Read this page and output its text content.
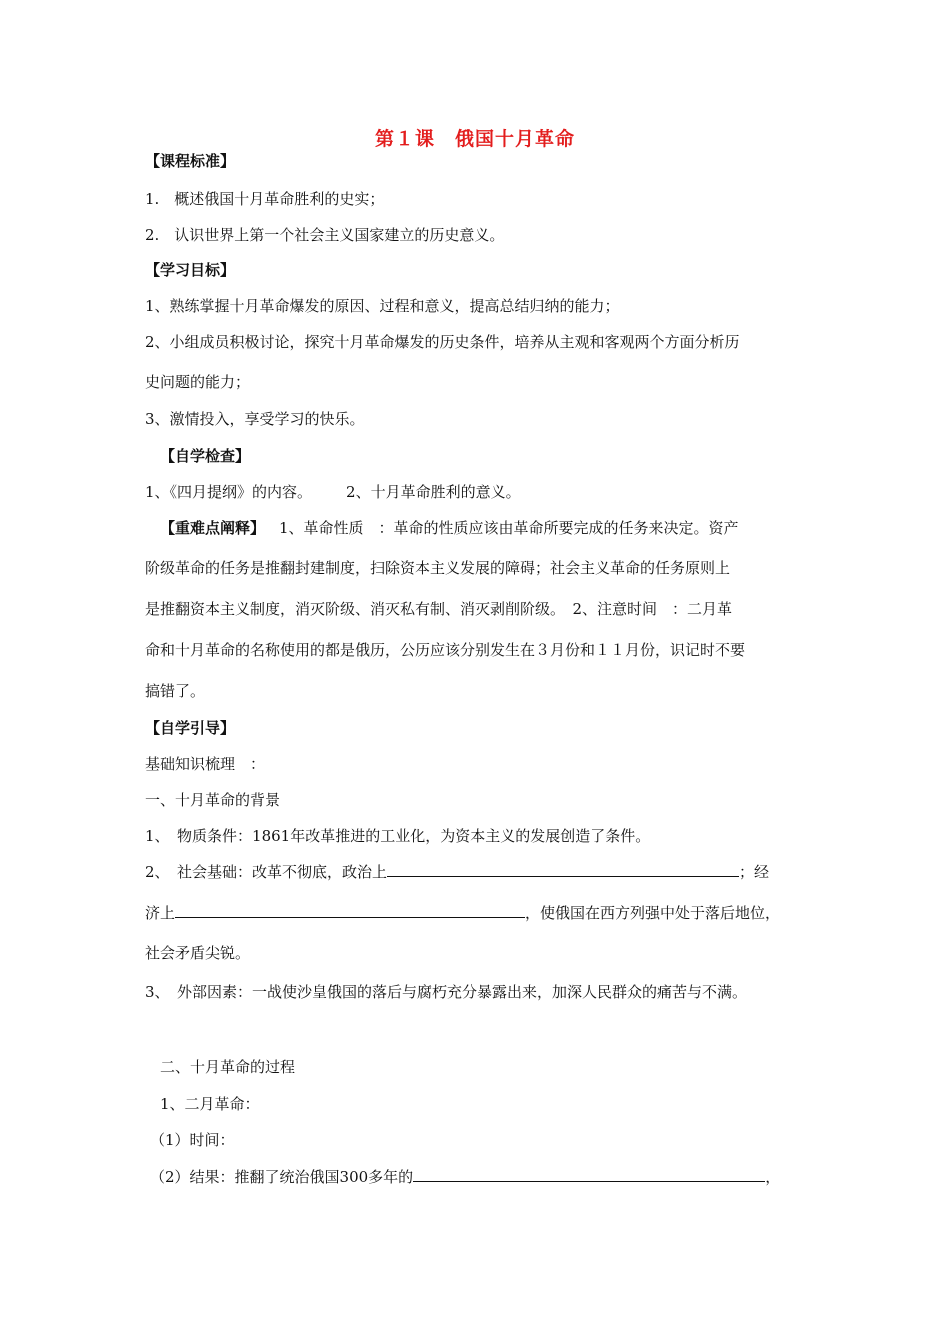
第１课　俄国十月革命
【课程标准】
1.　概述俄国十月革命胜利的史实；
2.　认识世界上第一个社会主义国家建立的历史意义。
【学习目标】
1、熟练掌握十月革命爆发的原因、过程和意义，提高总结归纳的能力；
2、小组成员积极讨论，探究十月革命爆发的历史条件，培养从主观和客观两个方面分析历
史问题的能力；
3、激情投入，享受学习的快乐。
【自学检查】
1、《四月提纲》的内容。 2、十月革命胜利的意义。
【重难点阐释】 1、革命性质　：革命的性质应该由革命所要完成的任务来决定。资产
阶级革命的任务是推翻封建制度，扫除资本主义发展的障碍；社会主义革命的任务原则上
是推翻资本主义制度，消灭阶级、消灭私有制、消灭剥削阶级。　2、注意时间　：二月革
命和十月革命的名称使用的都是俄历，公历应该分别发生在３月份和１１月份，识记时不要
搞错了。
【自学引导】
基础知识梳理　：
一、十月革命的背景
1、　物质条件：1861年改革推进的工业化，为资本主义的发展创造了条件。
2、　社会基础：改革不彻底，政治上	；经
济上	，使俄国在西方列强中处于落后地位，
社会矛盾尖锐。
3、　外部因素：一战使沙皇俄国的落后与腐朽充分暴露出来，加深人民群众的痛苦与不满。
二、十月革命的过程
1、二月革命：
（1）时间：
（2）结果：推翻了统治俄国300多年的	，
